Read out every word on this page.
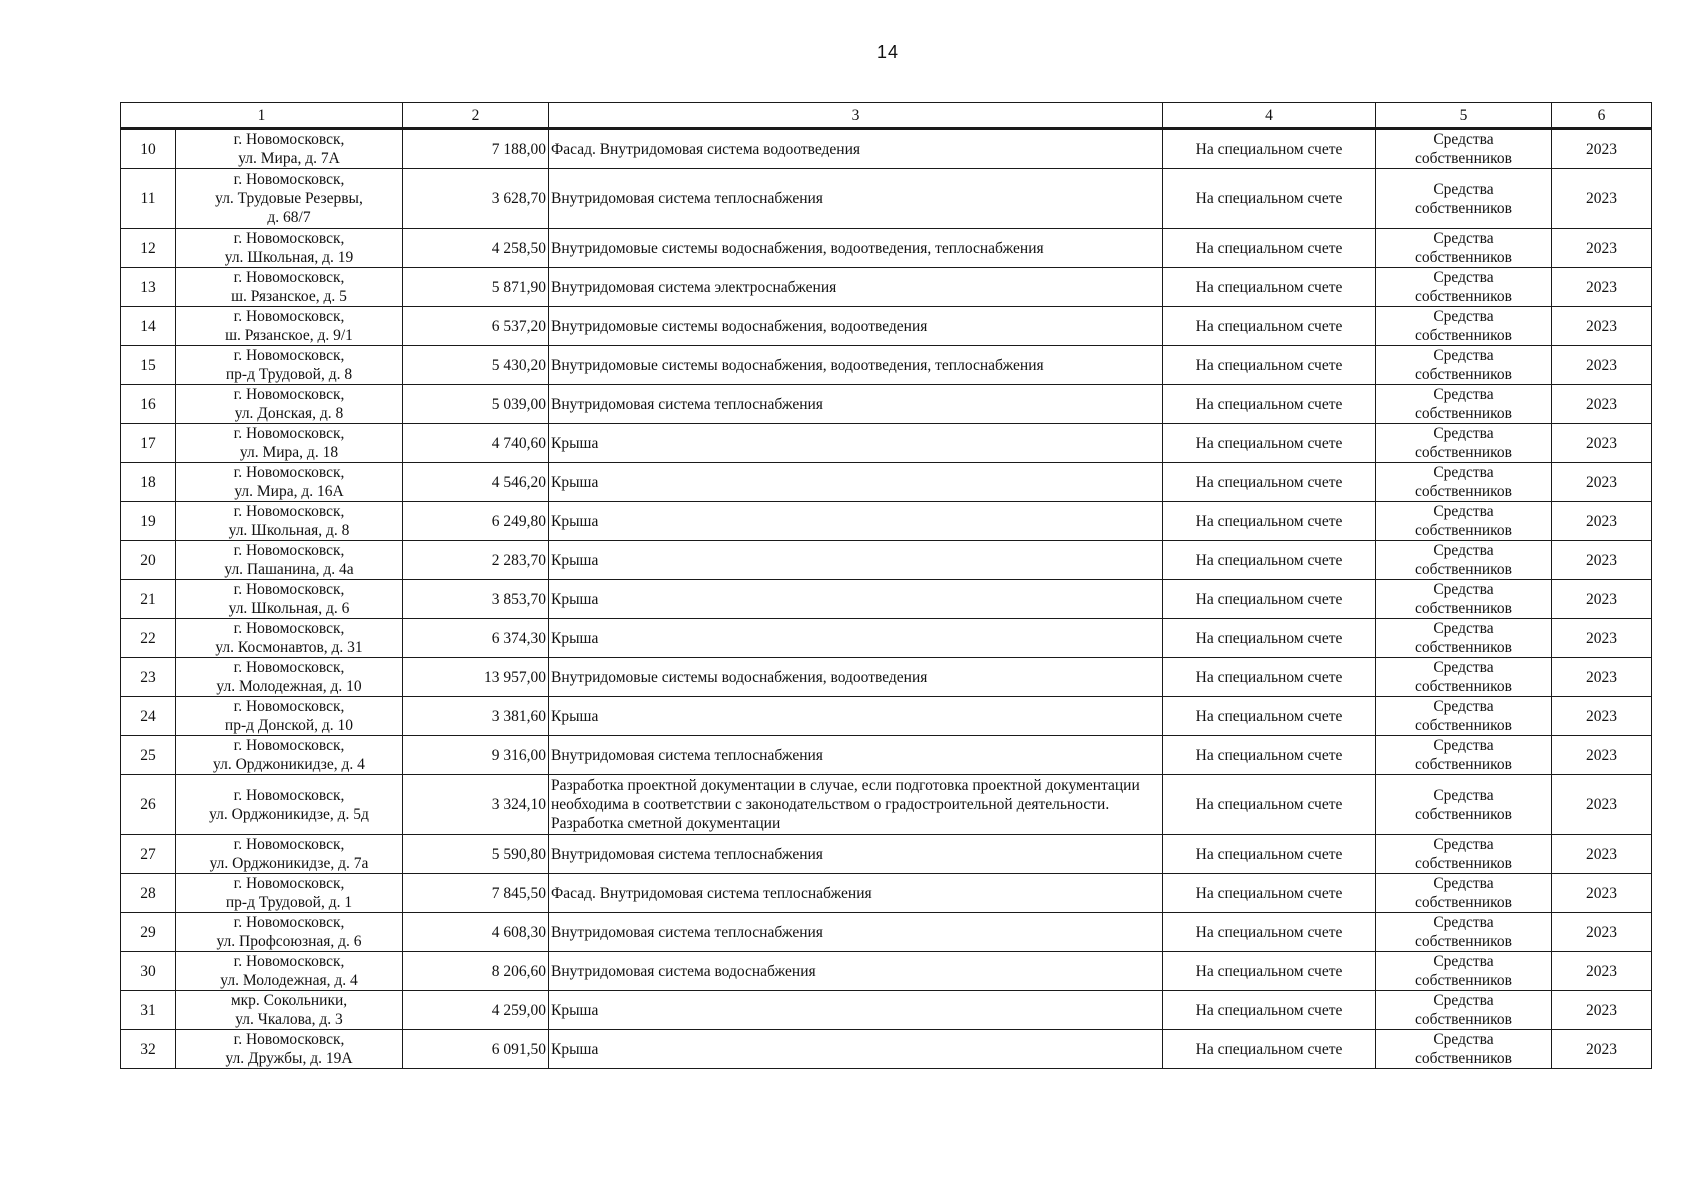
14
1		2	3	4	5	6
10	г. Новомосковск,
ул. Мира, д. 7А	7 188,00	Фасад. Внутридомовая система водоотведения	На специальном счете	Средства
собственников	2023
11	г. Новомосковск,
ул. Трудовые Резервы,
д. 68/7	3 628,70	Внутридомовая система теплоснабжения	На специальном счете	Средства
собственников	2023
12	г. Новомосковск,
ул. Школьная, д. 19	4 258,50	Внутридомовые системы водоснабжения, водоотведения, теплоснабжения	На специальном счете	Средства
собственников	2023
13	г. Новомосковск,
ш. Рязанское, д. 5	5 871,90	Внутридомовая система электроснабжения	На специальном счете	Средства
собственников	2023
14	г. Новомосковск,
ш. Рязанское, д. 9/1	6 537,20	Внутридомовые системы водоснабжения, водоотведения	На специальном счете	Средства
собственников	2023
15	г. Новомосковск,
пр-д Трудовой, д. 8	5 430,20	Внутридомовые системы водоснабжения, водоотведения, теплоснабжения	На специальном счете	Средства
собственников	2023
16	г. Новомосковск,
ул. Донская, д. 8	5 039,00	Внутридомовая система теплоснабжения	На специальном счете	Средства
собственников	2023
17	г. Новомосковск,
ул. Мира, д. 18	4 740,60	Крыша	На специальном счете	Средства
собственников	2023
18	г. Новомосковск,
ул. Мира, д. 16А	4 546,20	Крыша	На специальном счете	Средства
собственников	2023
19	г. Новомосковск,
ул. Школьная, д. 8	6 249,80	Крыша	На специальном счете	Средства
собственников	2023
20	г. Новомосковск,
ул. Пашанина, д. 4а	2 283,70	Крыша	На специальном счете	Средства
собственников	2023
21	г. Новомосковск,
ул. Школьная, д. 6	3 853,70	Крыша	На специальном счете	Средства
собственников	2023
22	г. Новомосковск,
ул. Космонавтов, д. 31	6 374,30	Крыша	На специальном счете	Средства
собственников	2023
23	г. Новомосковск,
ул. Молодежная, д. 10	13 957,00	Внутридомовые системы водоснабжения, водоотведения	На специальном счете	Средства
собственников	2023
24	г. Новомосковск,
пр-д Донской, д. 10	3 381,60	Крыша	На специальном счете	Средства
собственников	2023
25	г. Новомосковск,
ул. Орджоникидзе, д. 4	9 316,00	Внутридомовая система теплоснабжения	На специальном счете	Средства
собственников	2023
26	г. Новомосковск,
ул. Орджоникидзе, д. 5д	3 324,10	Разработка проектной документации в случае, если подготовка проектной документации необходима в соответствии с законодательством о градостроительной деятельности. Разработка сметной документации	На специальном счете	Средства
собственников	2023
27	г. Новомосковск,
ул. Орджоникидзе, д. 7а	5 590,80	Внутридомовая система теплоснабжения	На специальном счете	Средства
собственников	2023
28	г. Новомосковск,
пр-д Трудовой, д. 1	7 845,50	Фасад. Внутридомовая система теплоснабжения	На специальном счете	Средства
собственников	2023
29	г. Новомосковск,
ул. Профсоюзная, д. 6	4 608,30	Внутридомовая система теплоснабжения	На специальном счете	Средства
собственников	2023
30	г. Новомосковск,
ул. Молодежная, д. 4	8 206,60	Внутридомовая система водоснабжения	На специальном счете	Средства
собственников	2023
31	мкр. Сокольники,
ул. Чкалова, д. 3	4 259,00	Крыша	На специальном счете	Средства
собственников	2023
32	г. Новомосковск,
ул. Дружбы, д. 19А	6 091,50	Крыша	На специальном счете	Средства
собственников	2023
